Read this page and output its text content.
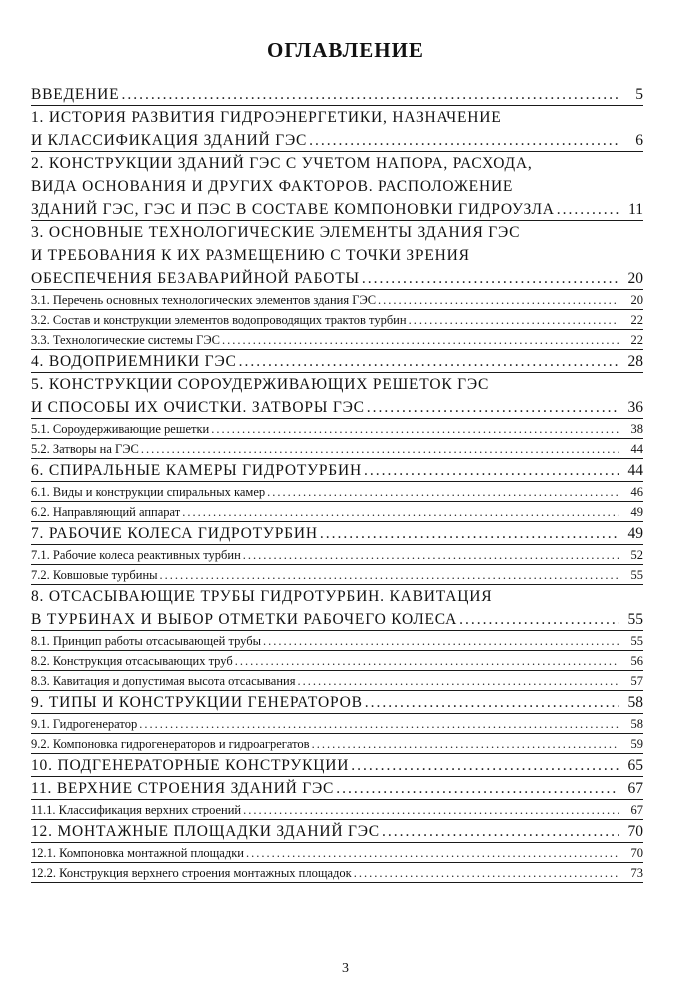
ОГЛАВЛЕНИЕ
ВВЕДЕНИЕ .....	5
1. ИСТОРИЯ РАЗВИТИЯ ГИДРОЭНЕРГЕТИКИ, НАЗНАЧЕНИЕ
И КЛАССИФИКАЦИЯ ЗДАНИЙ ГЭС .....	6
2. КОНСТРУКЦИИ ЗДАНИЙ ГЭС С УЧЕТОМ НАПОРА, РАСХОДА,
ВИДА ОСНОВАНИЯ И ДРУГИХ ФАКТОРОВ. РАСПОЛОЖЕНИЕ
ЗДАНИЙ ГЭС, ГЭС И ПЭС В СОСТАВЕ КОМПОНОВКИ ГИДРОУЗЛА .....	11
3. ОСНОВНЫЕ ТЕХНОЛОГИЧЕСКИЕ ЭЛЕМЕНТЫ ЗДАНИЯ ГЭС
И ТРЕБОВАНИЯ К ИХ РАЗМЕЩЕНИЮ С ТОЧКИ ЗРЕНИЯ
ОБЕСПЕЧЕНИЯ БЕЗАВАРИЙНОЙ РАБОТЫ .....	20
3.1. Перечень основных технологических элементов здания ГЭС .....	20
3.2. Состав и конструкции элементов водопроводящих трактов турбин .....	22
3.3. Технологические системы ГЭС .....	22
4. ВОДОПРИЕМНИКИ ГЭС .....	28
5. КОНСТРУКЦИИ СОРОУДЕРЖИВАЮЩИХ РЕШЕТОК ГЭС
И СПОСОБЫ ИХ ОЧИСТКИ. ЗАТВОРЫ ГЭС .....	36
5.1. Сороудерживающие решетки .....	38
5.2. Затворы на ГЭС .....	44
6. СПИРАЛЬНЫЕ КАМЕРЫ ГИДРОТУРБИН .....	44
6.1. Виды и конструкции спиральных камер .....	46
6.2. Направляющий аппарат .....	49
7. РАБОЧИЕ КОЛЕСА ГИДРОТУРБИН .....	49
7.1. Рабочие колеса реактивных турбин .....	52
7.2. Ковшовые турбины .....	55
8. ОТСАСЫВАЮЩИЕ ТРУБЫ ГИДРОТУРБИН. КАВИТАЦИЯ
В ТУРБИНАХ И ВЫБОР ОТМЕТКИ РАБОЧЕГО КОЛЕСА .....	55
8.1. Принцип работы отсасывающей трубы .....	55
8.2. Конструкция отсасывающих труб .....	56
8.3. Кавитация и допустимая высота отсасывания .....	57
9. ТИПЫ И КОНСТРУКЦИИ ГЕНЕРАТОРОВ .....	58
9.1. Гидрогенератор .....	58
9.2. Компоновка гидрогенераторов и гидроагрегатов .....	59
10. ПОДГЕНЕРАТОРНЫЕ КОНСТРУКЦИИ .....	65
11. ВЕРХНИЕ СТРОЕНИЯ ЗДАНИЙ ГЭС .....	67
11.1. Классификация верхних строений .....	67
12. МОНТАЖНЫЕ ПЛОЩАДКИ ЗДАНИЙ ГЭС .....	70
12.1. Компоновка монтажной площадки .....	70
12.2. Конструкция верхнего строения монтажных площадок .....	73
3
